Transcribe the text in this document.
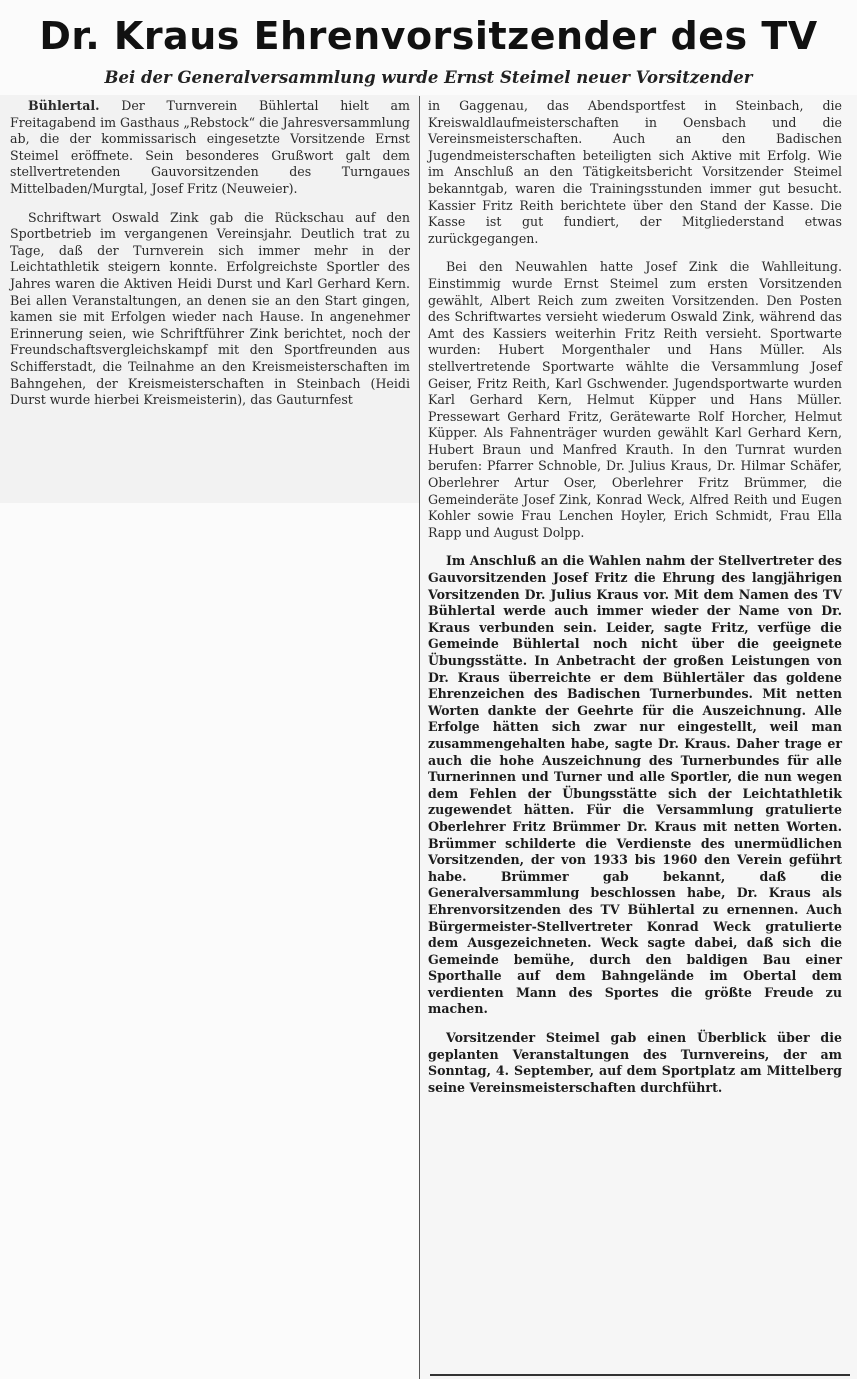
Dr. Kraus Ehrenvorsitzender des TV
Bei der Generalversammlung wurde Ernst Steimel neuer Vorsitzender

Bühlertal. Der Turnverein Bühlertal hielt am Freitagabend im Gasthaus „Rebstock“ die Jahresversammlung ab, die der kommissarisch eingesetzte Vorsitzende Ernst Steimel eröffnete. Sein besonderes Grußwort galt dem stellvertretenden Gauvorsitzenden des Turngaues Mittelbaden/Murgtal, Josef Fritz (Neuweier).

Schriftwart Oswald Zink gab die Rückschau auf den Sportbetrieb im vergangenen Vereinsjahr. Deutlich trat zu Tage, daß der Turnverein sich immer mehr in der Leichtathletik steigern konnte. Erfolgreichste Sportler des Jahres waren die Aktiven Heidi Durst und Karl Gerhard Kern. Bei allen Veranstaltungen, an denen sie an den Start gingen, kamen sie mit Erfolgen wieder nach Hause. In angenehmer Erinnerung seien, wie Schriftführer Zink berichtet, noch der Freundschaftsvergleichskampf mit den Sportfreunden aus Schifferstadt, die Teilnahme an den Kreismeisterschaften im Bahngehen, der Kreismeisterschaften in Steinbach (Heidi Durst wurde hierbei Kreismeisterin), das Gauturnfest

in Gaggenau, das Abendsportfest in Steinbach, die Kreiswaldlaufmeisterschaften in Oensbach und die Vereinsmeisterschaften. Auch an den Badischen Jugendmeisterschaften beteiligten sich Aktive mit Erfolg. Wie im Anschluß an den Tätigkeitsbericht Vorsitzender Steimel bekanntgab, waren die Trainingsstunden immer gut besucht. Kassier Fritz Reith berichtete über den Stand der Kasse. Die Kasse ist gut fundiert, der Mitgliederstand etwas zurückgegangen.

Bei den Neuwahlen hatte Josef Zink die Wahlleitung. Einstimmig wurde Ernst Steimel zum ersten Vorsitzenden gewählt, Albert Reich zum zweiten Vorsitzenden. Den Posten des Schriftwartes versieht wiederum Oswald Zink, während das Amt des Kassiers weiterhin Fritz Reith versieht. Sportwarte wurden: Hubert Morgenthaler und Hans Müller. Als stellvertretende Sportwarte wählte die Versammlung Josef Geiser, Fritz Reith, Karl Gschwender. Jugendsportwarte wurden Karl Gerhard Kern, Helmut Küpper und Hans Müller. Pressewart Gerhard Fritz, Gerätewarte Rolf Horcher, Helmut Küpper. Als Fahnenträger wurden gewählt Karl Gerhard Kern, Hubert Braun und Manfred Krauth. In den Turnrat wurden berufen: Pfarrer Schnoble, Dr. Julius Kraus, Dr. Hilmar Schäfer, Oberlehrer Artur Oser, Oberlehrer Fritz Brümmer, die Gemeinderäte Josef Zink, Konrad Weck, Alfred Reith und Eugen Kohler sowie Frau Lenchen Hoyler, Erich Schmidt, Frau Ella Rapp und August Dolpp.

Im Anschluß an die Wahlen nahm der Stellvertreter des Gauvorsitzenden Josef Fritz die Ehrung des langjährigen Vorsitzenden Dr. Julius Kraus vor. Mit dem Namen des TV Bühlertal werde auch immer wieder der Name von Dr. Kraus verbunden sein. Leider, sagte Fritz, verfüge die Gemeinde Bühlertal noch nicht über die geeignete Übungsstätte. In Anbetracht der großen Leistungen von Dr. Kraus überreichte er dem Bühlertäler das goldene Ehrenzeichen des Badischen Turnerbundes. Mit netten Worten dankte der Geehrte für die Auszeichnung. Alle Erfolge hätten sich zwar nur eingestellt, weil man zusammengehalten habe, sagte Dr. Kraus. Daher trage er auch die hohe Auszeichnung des Turnerbundes für alle Turnerinnen und Turner und alle Sportler, die nun wegen dem Fehlen der Übungsstätte sich der Leichtathletik zugewendet hätten. Für die Versammlung gratulierte Oberlehrer Fritz Brümmer Dr. Kraus mit netten Worten. Brümmer schilderte die Verdienste des unermüdlichen Vorsitzenden, der von 1933 bis 1960 den Verein geführt habe. Brümmer gab bekannt, daß die Generalversammlung beschlossen habe, Dr. Kraus als Ehrenvorsitzenden des TV Bühlertal zu ernennen. Auch Bürgermeister-Stellvertreter Konrad Weck gratulierte dem Ausgezeichneten. Weck sagte dabei, daß sich die Gemeinde bemühe, durch den baldigen Bau einer Sporthalle auf dem Bahngelände im Obertal dem verdienten Mann des Sportes die größte Freude zu machen.

Vorsitzender Steimel gab einen Überblick über die geplanten Veranstaltungen des Turnvereins, der am Sonntag, 4. September, auf dem Sportplatz am Mittelberg seine Vereinsmeisterschaften durchführt.
